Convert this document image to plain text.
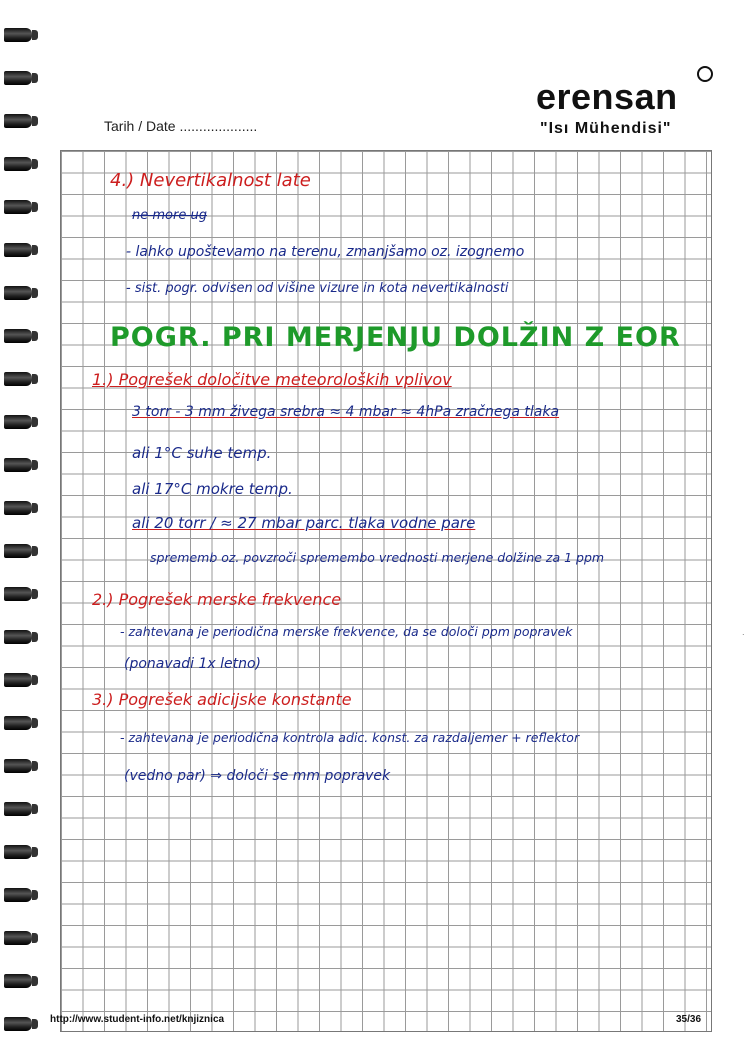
Tarih / Date ....................
erensan
"Isı Mühendisi"
4.) Nevertikalnost late
ne more ug
- lahko upoštevamo na terenu, zmanjšamo oz. izognemo
- sist. pogr. odvisen od višine vizure in kota nevertikalnosti
POGR. PRI MERJENJU DOLŽIN Z EOR
1.) Pogrešek določitve meteoroloških vplivov
3 torr - 3 mm živega srebra ≈ 4 mbar ≈ 4hPa zračnega tlaka
ali 1°C suhe temp.
ali 17°C mokre temp.
ali 20 torr / ≈ 27 mbar parc. tlaka vodne pare
sprememb oz. povzroči spremembo vrednosti merjene dolžine za 1 ppm
2.) Pogrešek merske frekvence
- zahtevana je periodična merske frekvence, da se določi ppm popravek
(ponavadi 1x letno)
3.) Pogrešek adicijske konstante
- zahtevana je periodična kontrola adic. konst. za razdaljemer + reflektor
(vedno par) ⇒ določi se mm popravek
http://www.student-info.net/knjiznica	35/36
.
